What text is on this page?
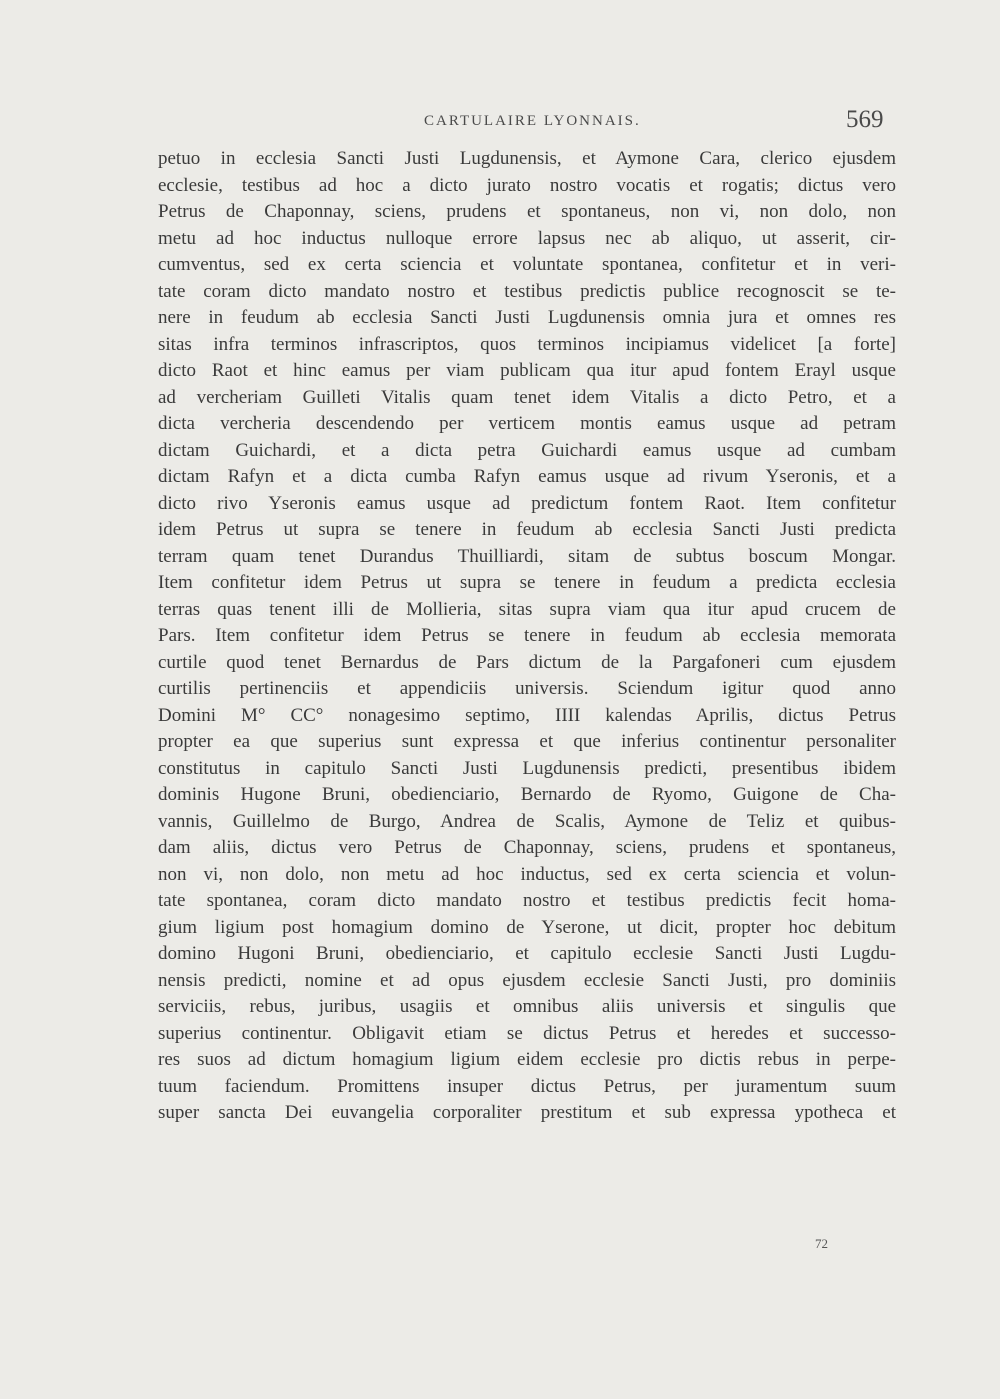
CARTULAIRE LYONNAIS.	569
petuo in ecclesia Sancti Justi Lugdunensis, et Aymone Cara, clerico ejusdem
ecclesie, testibus ad hoc a dicto jurato nostro vocatis et rogatis; dictus vero
Petrus de Chaponnay, sciens, prudens et spontaneus, non vi, non dolo, non
metu ad hoc inductus nulloque errore lapsus nec ab aliquo, ut asserit, cir-
cumventus, sed ex certa sciencia et voluntate spontanea, confitetur et in veri-
tate coram dicto mandato nostro et testibus predictis publice recognoscit se te-
nere in feudum ab ecclesia Sancti Justi Lugdunensis omnia jura et omnes res
sitas infra terminos infrascriptos, quos terminos incipiamus videlicet [a forte]
dicto Raot et hinc eamus per viam publicam qua itur apud fontem Erayl usque
ad vercheriam Guilleti Vitalis quam tenet idem Vitalis a dicto Petro, et a
dicta vercheria descendendo per verticem montis eamus usque ad petram
dictam Guichardi, et a dicta petra Guichardi eamus usque ad cumbam
dictam Rafyn et a dicta cumba Rafyn eamus usque ad rivum Yseronis, et a
dicto rivo Yseronis eamus usque ad predictum fontem Raot. Item confitetur
idem Petrus ut supra se tenere in feudum ab ecclesia Sancti Justi predicta
terram quam tenet Durandus Thuilliardi, sitam de subtus boscum Mongar.
Item confitetur idem Petrus ut supra se tenere in feudum a predicta ecclesia
terras quas tenent illi de Mollieria, sitas supra viam qua itur apud crucem de
Pars. Item confitetur idem Petrus se tenere in feudum ab ecclesia memorata
curtile quod tenet Bernardus de Pars dictum de la Pargafoneri cum ejusdem
curtilis pertinenciis et appendiciis universis. Sciendum igitur quod anno
Domini M° CC° nonagesimo septimo, IIII kalendas Aprilis, dictus Petrus
propter ea que superius sunt expressa et que inferius continentur personaliter
constitutus in capitulo Sancti Justi Lugdunensis predicti, presentibus ibidem
dominis Hugone Bruni, obedienciario, Bernardo de Ryomo, Guigone de Cha-
vannis, Guillelmo de Burgo, Andrea de Scalis, Aymone de Teliz et quibus-
dam aliis, dictus vero Petrus de Chaponnay, sciens, prudens et spontaneus,
non vi, non dolo, non metu ad hoc inductus, sed ex certa sciencia et volun-
tate spontanea, coram dicto mandato nostro et testibus predictis fecit homa-
gium ligium post homagium domino de Yserone, ut dicit, propter hoc debitum
domino Hugoni Bruni, obedienciario, et capitulo ecclesie Sancti Justi Lugdu-
nensis predicti, nomine et ad opus ejusdem ecclesie Sancti Justi, pro dominiis
serviciis, rebus, juribus, usagiis et omnibus aliis universis et singulis que
superius continentur. Obligavit etiam se dictus Petrus et heredes et successo-
res suos ad dictum homagium ligium eidem ecclesie pro dictis rebus in perpe-
tuum faciendum. Promittens insuper dictus Petrus, per juramentum suum
super sancta Dei euvangelia corporaliter prestitum et sub expressa ypotheca et
72
